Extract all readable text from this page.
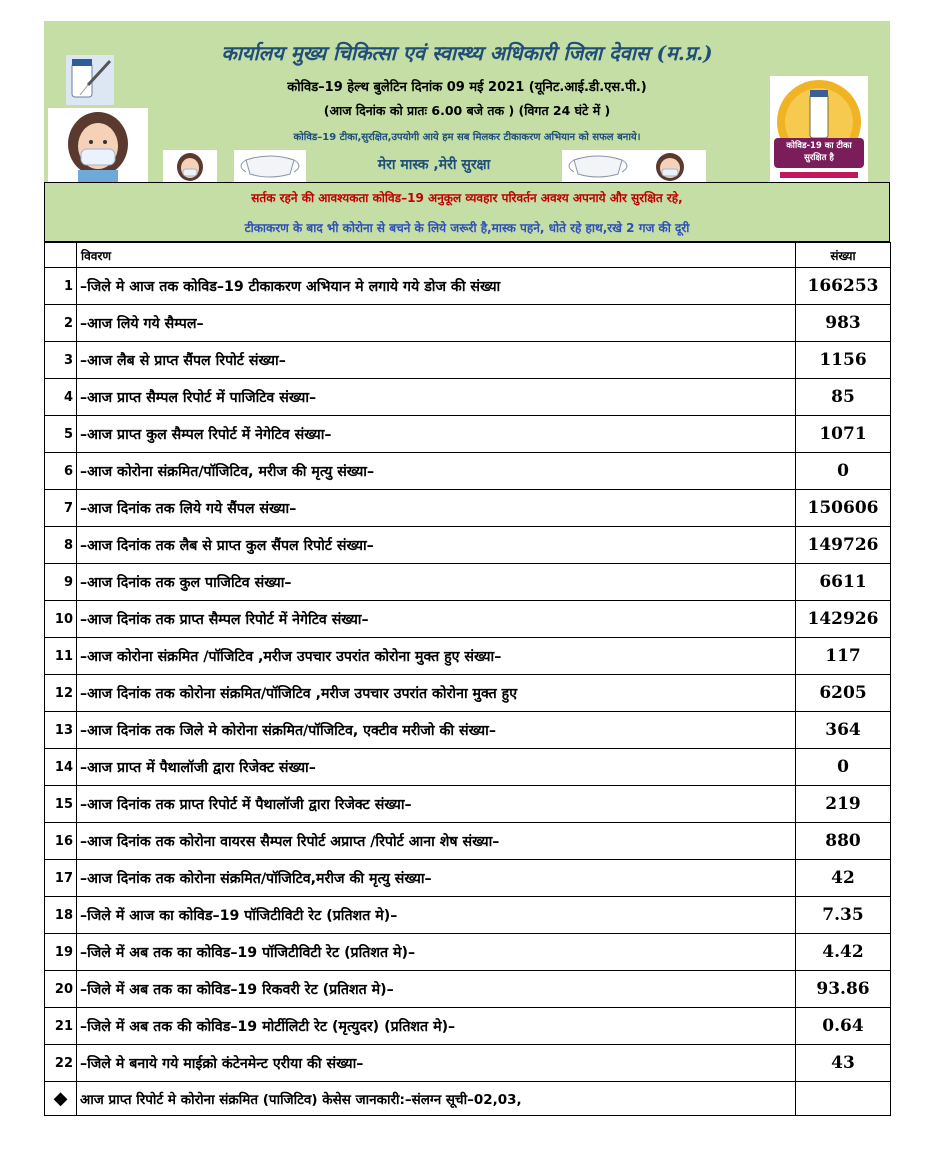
कार्यालय मुख्य चिकित्सा एवं स्वास्थ्य अधिकारी जिला देवास (म.प्र.)
कोविड–19 हेल्थ बुलेटिन दिनांक 09 मई 2021 (यूनिट.आई.डी.एस.पी.)
(आज दिनांक को प्रातः 6.00 बजे तक ) (विगत 24 घंटे में )
कोविड–19 टीका,सुरक्षित,उपयोगी आये हम सब मिलकर टीकाकरण अभियान को सफल बनाये।
मेरा मास्क ,मेरी सुरक्षा
कोविड-19 का टीका सुरक्षित है
सर्तक रहने की आवश्यकता कोविड–19 अनुकूल व्यवहार परिवर्तन अवश्य अपनाये और सुरक्षित रहे,
टीकाकरण के बाद भी कोरोना से बचने के लिये जरूरी है,मास्क पहने, धोते रहे हाथ,रखे 2 गज की दूरी
	विवरण	संख्या
1	–जिले मे आज तक कोविड–19 टीकाकरण अभियान मे लगाये गये डोज की संख्या	166253
2	–आज लिये गये सैम्पल–	983
3	–आज लैब से प्राप्त सैंपल रिपोर्ट संख्या–	1156
4	–आज प्राप्त सैम्पल रिपोर्ट में पाजिटिव संख्या–	85
5	–आज प्राप्त कुल सैम्पल रिपोर्ट में नेगेटिव संख्या–	1071
6	–आज कोरोना संक्रमित/पॉजिटिव, मरीज की मृत्यु संख्या–	0
7	–आज दिनांक तक लिये गये सैंपल संख्या–	150606
8	–आज दिनांक तक लैब से प्राप्त कुल सैंपल रिपोर्ट संख्या–	149726
9	–आज दिनांक तक कुल पाजिटिव संख्या–	6611
10	–आज दिनांक तक प्राप्त सैम्पल रिपोर्ट में नेगेटिव संख्या–	142926
11	–आज कोरोना संक्रमित /पॉजिटिव ,मरीज उपचार उपरांत कोरोना मुक्त हुए संख्या–	117
12	–आज दिनांक तक कोरोना संक्रमित/पॉजिटिव ,मरीज उपचार उपरांत कोरोना मुक्त हुए	6205
13	–आज दिनांक तक जिले मे कोरोना संक्रमित/पॉजिटिव, एक्टीव मरीजो की संख्या–	364
14	–आज प्राप्त में पैथालॉजी द्वारा रिजेक्ट संख्या–	0
15	–आज दिनांक तक प्राप्त रिपोर्ट में पैथालॉजी द्वारा रिजेक्ट संख्या–	219
16	–आज दिनांक तक कोरोना वायरस सैम्पल रिपोर्ट अप्राप्त /रिपोर्ट आना शेष संख्या–	880
17	–आज दिनांक तक कोरोना संक्रमित/पॉजिटिव,मरीज की मृत्यु संख्या–	42
18	–जिले में आज का कोविड–19 पॉजिटीविटी रेट (प्रतिशत मे)–	7.35
19	–जिले में अब तक का कोविड–19 पॉजिटीविटी रेट (प्रतिशत मे)–	4.42
20	–जिले में अब तक का कोविड–19 रिकवरी रेट (प्रतिशत मे)–	93.86
21	–जिले में अब तक की कोविड–19 मोर्टीलिटी रेट (मृत्युदर) (प्रतिशत मे)–	0.64
22	–जिले मे बनाये गये माईक्रो कंटेनमेन्ट एरीया की संख्या–	43
◆	आज प्राप्त रिपोर्ट मे कोरोना संक्रमित (पाजिटिव) केसेस जानकारी:–संलग्न सूची–02,03,	
